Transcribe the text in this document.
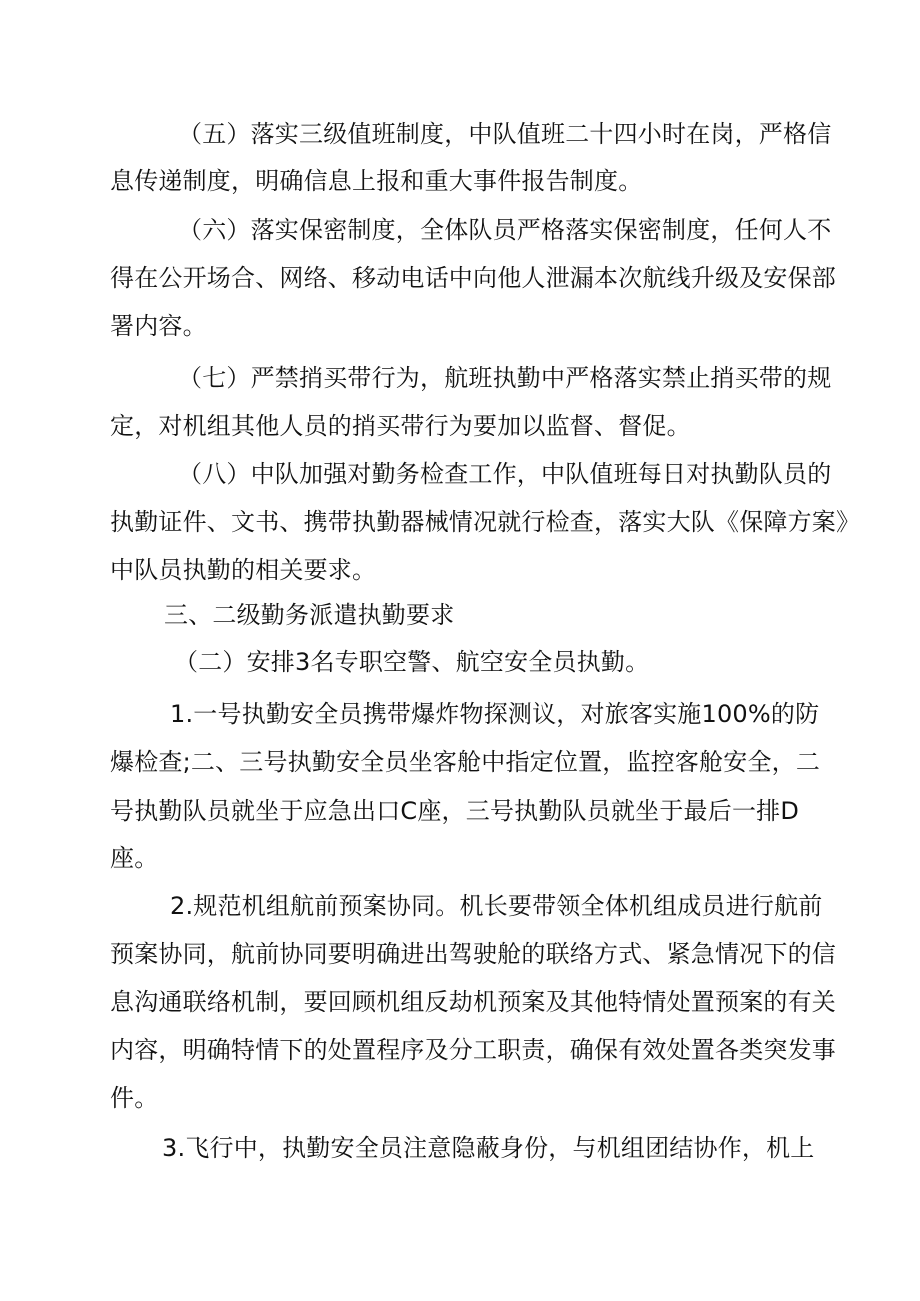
（五）落实三级值班制度，中队值班二十四小时在岗，严格信
息传递制度，明确信息上报和重大事件报告制度。
（六）落实保密制度，全体队员严格落实保密制度，任何人不
得在公开场合、网络、移动电话中向他人泄漏本次航线升级及安保部
署内容。
（七）严禁捎买带行为，航班执勤中严格落实禁止捎买带的规
定，对机组其他人员的捎买带行为要加以监督、督促。
（八）中队加强对勤务检查工作，中队值班每日对执勤队员的
执勤证件、文书、携带执勤器械情况就行检查，落实大队《保障方案》
中队员执勤的相关要求。
三、二级勤务派遣执勤要求
（二）安排3名专职空警、航空安全员执勤。
1.一号执勤安全员携带爆炸物探测议，对旅客实施100%的防
爆检查;二、三号执勤安全员坐客舱中指定位置，监控客舱安全，二
号执勤队员就坐于应急出口C座，三号执勤队员就坐于最后一排D
座。
2.规范机组航前预案协同。机长要带领全体机组成员进行航前
预案协同，航前协同要明确进出驾驶舱的联络方式、紧急情况下的信
息沟通联络机制，要回顾机组反劫机预案及其他特情处置预案的有关
内容，明确特情下的处置程序及分工职责，确保有效处置各类突发事
件。
3.飞行中，执勤安全员注意隐蔽身份，与机组团结协作，机上
